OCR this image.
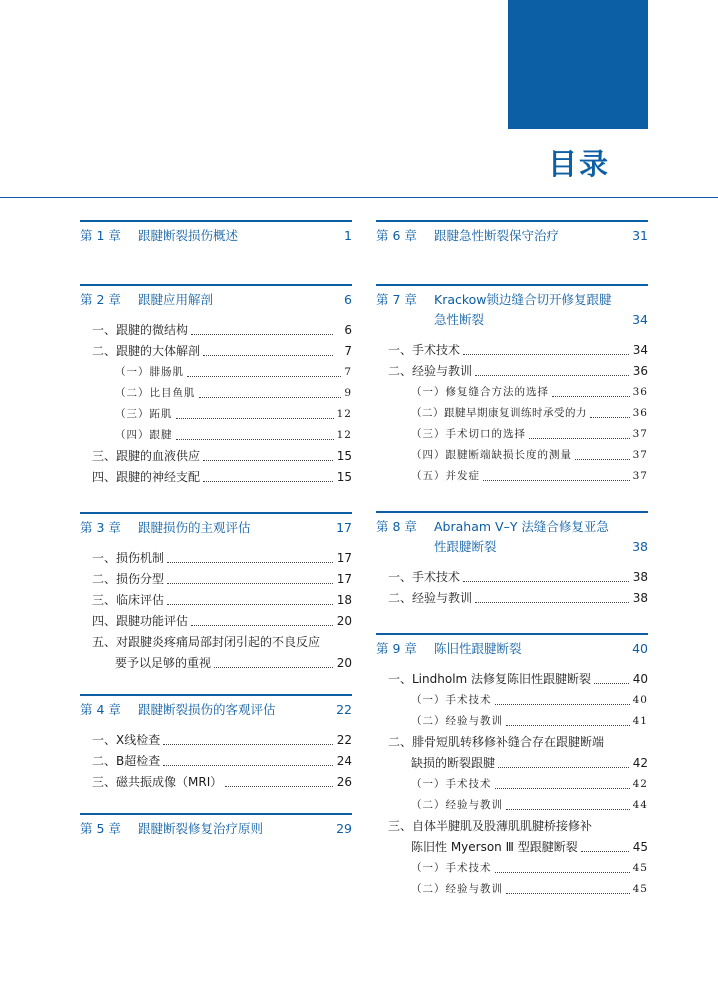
目录
第 1 章 跟腱断裂损伤概述	1
第 2 章 跟腱应用解剖	6
一、跟腱的微结构	6
二、跟腱的大体解剖	7
（一）腓肠肌	7
（二）比目鱼肌	9
（三）跖肌	12
（四）跟腱	12
三、跟腱的血液供应	15
四、跟腱的神经支配	15
第 3 章 跟腱损伤的主观评估	17
一、损伤机制	17
二、损伤分型	17
三、临床评估	18
四、跟腱功能评估	20
五、对跟腱炎疼痛局部封闭引起的不良反应
要予以足够的重视	20
第 4 章 跟腱断裂损伤的客观评估	22
一、X线检查	22
二、B超检查	24
三、磁共振成像（MRI）	26
第 5 章 跟腱断裂修复治疗原则	29
第 6 章 跟腱急性断裂保守治疗	31
第 7 章 Krackow锁边缝合切开修复跟腱急性断裂	34
一、手术技术	34
二、经验与教训	36
（一）修复缝合方法的选择	36
（二）跟腱早期康复训练时承受的力	36
（三）手术切口的选择	37
（四）跟腱断端缺损长度的测量	37
（五）并发症	37
第 8 章 Abraham V–Y 法缝合修复亚急性跟腱断裂	38
一、手术技术	38
二、经验与教训	38
第 9 章 陈旧性跟腱断裂	40
一、Lindholm 法修复陈旧性跟腱断裂	40
（一）手术技术	40
（二）经验与教训	41
二、腓骨短肌转移修补缝合存在跟腱断端
缺损的断裂跟腱	42
（一）手术技术	42
（二）经验与教训	44
三、自体半腱肌及股薄肌肌腱桥接修补
陈旧性 Myerson Ⅲ 型跟腱断裂	45
（一）手术技术	45
（二）经验与教训	45
